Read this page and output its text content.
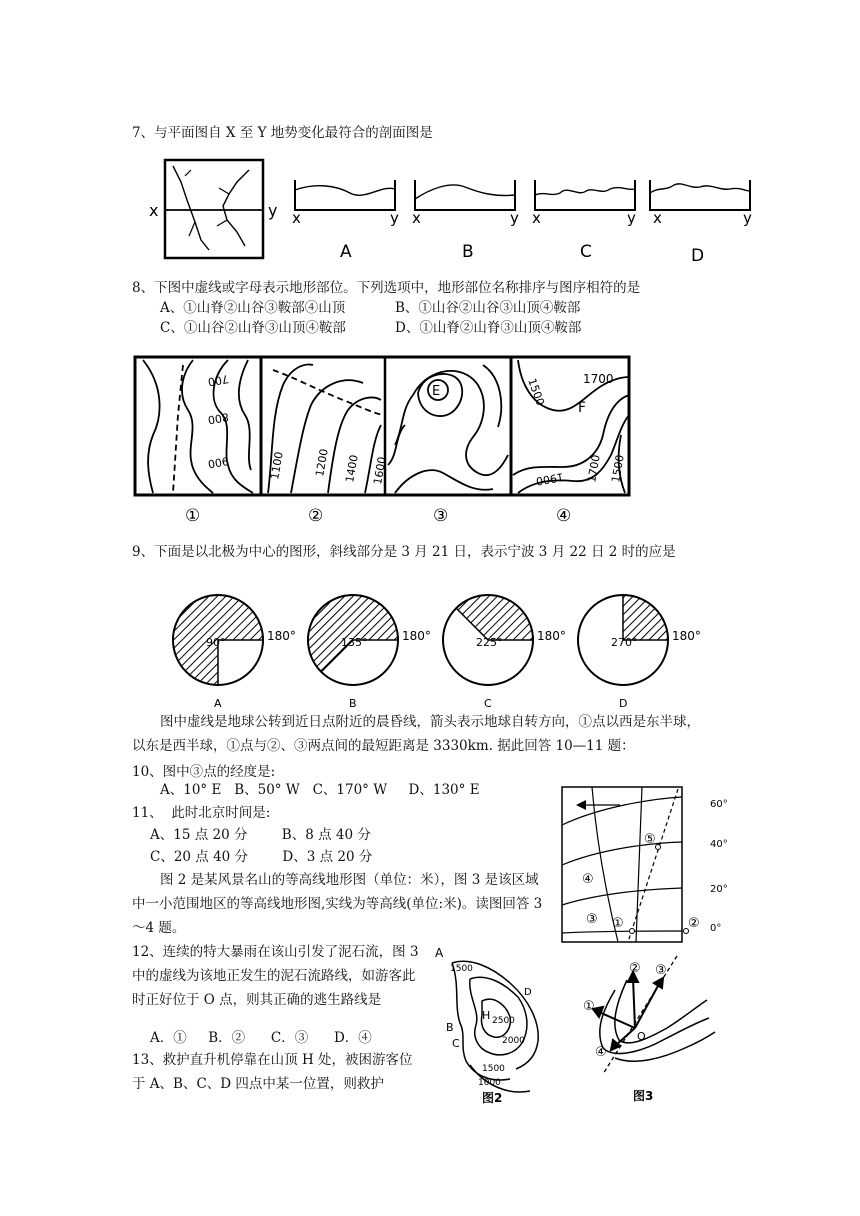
7、与平面图自 X 至 Y 地势变化最符合的剖面图是
x	y x	y
A
x	y
B
x	y
C
x	y
D
8、下图中虚线或字母表示地形部位。下列选项中，地形部位名称排序与图序相符的是
A、①山脊②山谷③鞍部④山顶	B、①山谷②山谷③山顶④鞍部
C、①山谷②山脊③山顶④鞍部	D、①山脊②山脊③山顶④鞍部
700
800
900	1100 1200 1400 1600
E	1500	1700
F
1900 1700 1500
①	②	③	④
9、下面是以北极为中心的图形，斜线部分是 3 月 21 日，表示宁波 3 月 22 日 2 时的应是
90°	180°
A
135°	180°
B
225°	180°
C
270°	180°
D
图中虚线是地球公转到近日点附近的晨昏线，箭头表示地球自转方向，①点以西是东半球，以东是西半球，①点与②、③两点间的最短距离是 3330km. 据此回答 10—11 题：
10、图中③点的经度是:
A、10° E   B、50° W   C、170° W     D、130° E
11、  此时北京时间是:
A、15 点 20 分        B、8 点 40 分
C、20 点 40 分        D、3 点 20 分
60°
40°
20°
0°
⑤
④
③ ①	②
图 2 是某风景名山的等高线地形图（单位：米），图 3 是该区域中一小范围地区的等高线地形图,实线为等高线(单位:米)。读图回答 3～4 题。
12、连续的特大暴雨在该山引发了泥石流，图 3 中的虚线为该地正发生的泥石流路线，如游客此时正好位于 O 点，则其正确的逃生路线是
A．①     B．②      C．③      D．④
13、救护直升机停靠在山顶 H 处，被困游客位于 A、B、C、D 四点中某一位置，则救护
A
1500
D
B
H 2500
C	2000
1500
1000
图2
② ③
①
O
④
图3
